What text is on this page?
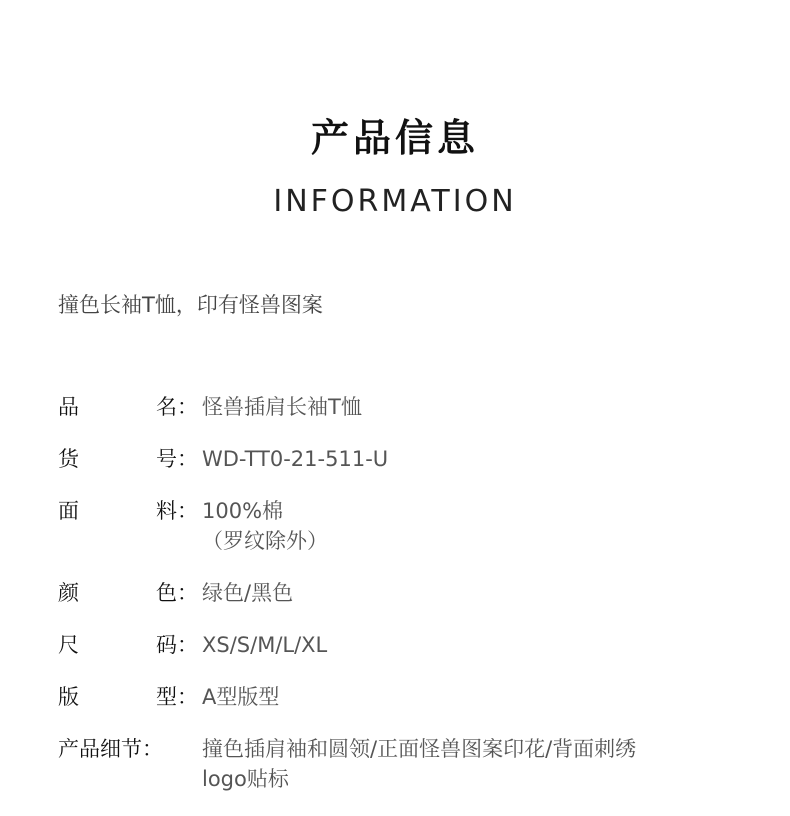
产品信息
INFORMATION
撞色长袖T恤，印有怪兽图案
品	名： 怪兽插肩长袖T恤
货	号： WD-TT0-21-511-U
面	料： 100%棉
（罗纹除外）
颜	色： 绿色/黑色
尺	码： XS/S/M/L/XL
版	型： A型版型
产品细节： 撞色插肩袖和圆领/正面怪兽图案印花/背面刺绣
logo贴标
